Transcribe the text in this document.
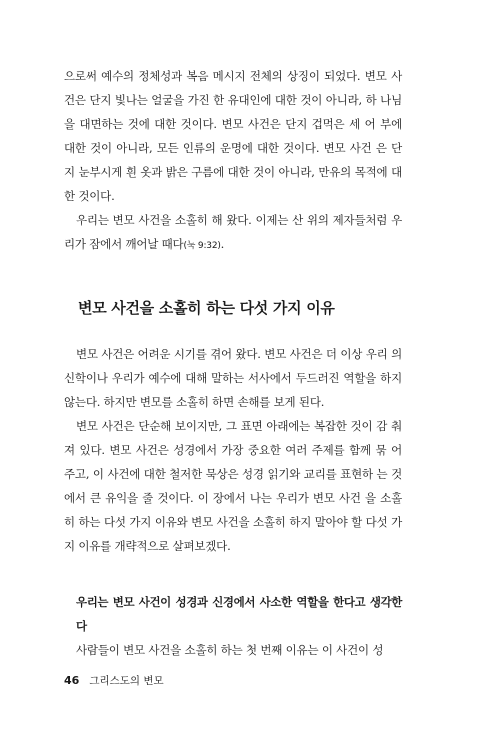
으로써 예수의 정체성과 복음 메시지 전체의 상징이 되었다. 변모 사건은 단지 빛나는 얼굴을 가진 한 유대인에 대한 것이 아니라, 하 나님을 대면하는 것에 대한 것이다. 변모 사건은 단지 겁먹은 세 어 부에 대한 것이 아니라, 모든 인류의 운명에 대한 것이다. 변모 사건 은 단지 눈부시게 흰 옷과 밝은 구름에 대한 것이 아니라, 만유의 목적에 대한 것이다.

우리는 변모 사건을 소홀히 해 왔다. 이제는 산 위의 제자들처럼 우리가 잠에서 깨어날 때다(눅 9:32).

변모 사건을 소홀히 하는 다섯 가지 이유

변모 사건은 어려운 시기를 겪어 왔다. 변모 사건은 더 이상 우리 의 신학이나 우리가 예수에 대해 말하는 서사에서 두드러진 역할을 하지 않는다. 하지만 변모를 소홀히 하면 손해를 보게 된다.

변모 사건은 단순해 보이지만, 그 표면 아래에는 복잡한 것이 감 춰져 있다. 변모 사건은 성경에서 가장 중요한 여러 주제를 함께 묶 어 주고, 이 사건에 대한 철저한 묵상은 성경 읽기와 교리를 표현하 는 것에서 큰 유익을 줄 것이다. 이 장에서 나는 우리가 변모 사건 을 소홀히 하는 다섯 가지 이유와 변모 사건을 소홀히 하지 말아야 할 다섯 가지 이유를 개략적으로 살펴보겠다.

우리는 변모 사건이 성경과 신경에서 사소한 역할을 한다고 생각한다

사람들이 변모 사건을 소홀히 하는 첫 번째 이유는 이 사건이 성

46 그리스도의 변모
